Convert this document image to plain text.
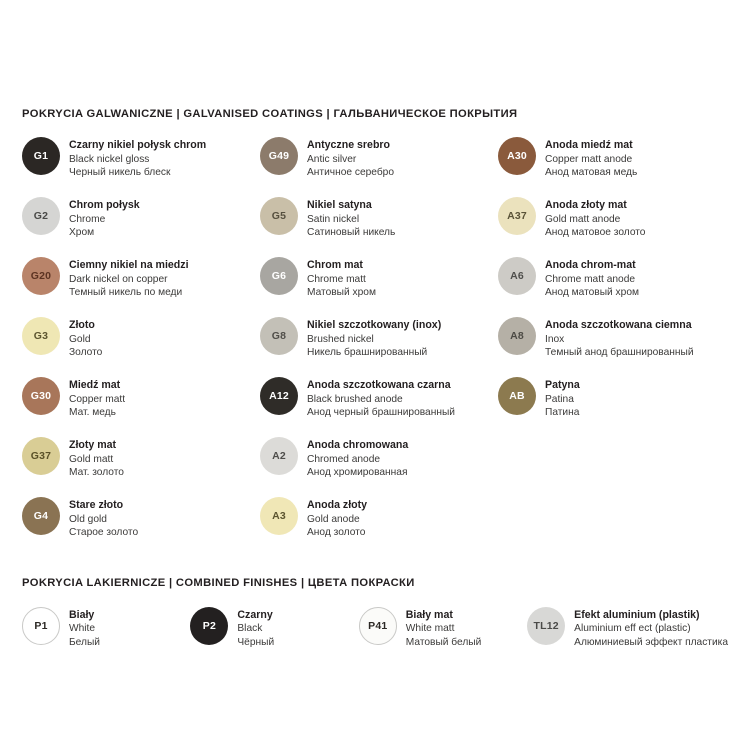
POKRYCIA GALWANICZNE | GALVANISED COATINGS | ГАЛЬВАНИЧЕСКОЕ ПОКРЫТИЯ
G1
Czarny nikiel połysk chrom
Black nickel gloss
Черный никель блеск
G49
Antyczne srebro
Antic silver
Античное серебро
A30
Anoda miedź mat
Copper matt anode
Анод матовая медь
G2
Chrom połysk
Chrome
Хром
G5
Nikiel satyna
Satin nickel
Сатиновый никель
A37
Anoda złoty mat
Gold matt anode
Анод матовое золото
G20
Ciemny nikiel na miedzi
Dark nickel on copper
Темный никель по меди
G6
Chrom mat
Chrome matt
Матовый хром
A6
Anoda chrom-mat
Chrome matt anode
Анод матовый хром
G3
Złoto
Gold
Золото
G8
Nikiel szczotkowany (inox)
Brushed nickel
Никель брашнированный
A8
Anoda szczotkowana ciemna
Inox
Темный анод брашнированный
G30
Miedź mat
Copper matt
Мат. медь
A12
Anoda szczotkowana czarna
Black brushed anode
Анод черный брашнированный
AB
Patyna
Patina
Патина
G37
Złoty mat
Gold matt
Мат. золото
A2
Anoda chromowana
Chromed anode
Анод хромированная
G4
Stare złoto
Old gold
Старое золото
A3
Anoda złoty
Gold anode
Анод золото
POKRYCIA LAKIERNICZE | COMBINED FINISHES | ЦВЕТА ПОКРАСКИ
P1
Biały
White
Белый
P2
Czarny
Black
Чёрный
P41
Biały mat
White matt
Матовый белый
TL12
Efekt aluminium (plastik)
Aluminium eff ect (plastic)
Алюминиевый эффект пластика
